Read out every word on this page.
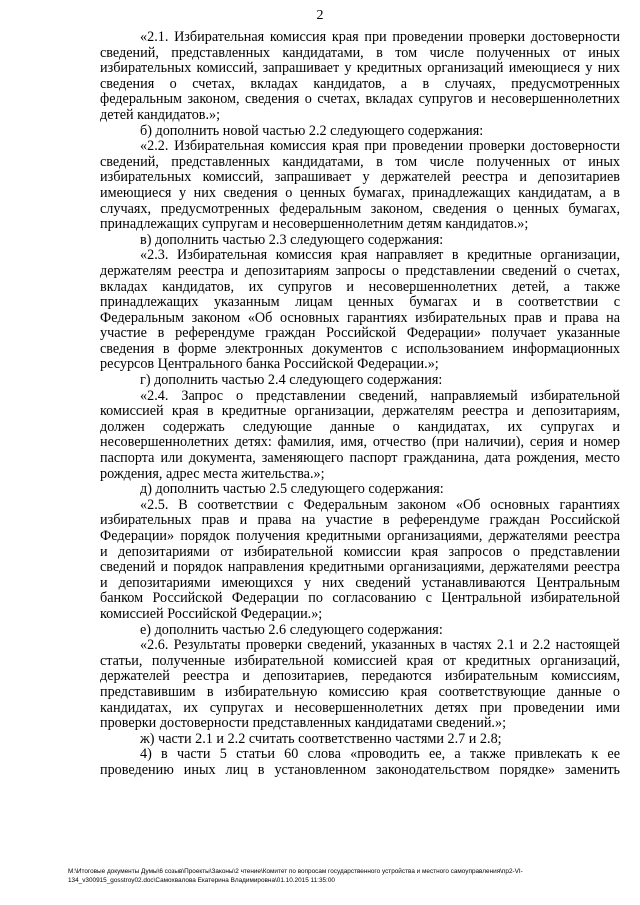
2
«2.1. Избирательная комиссия края при проведении проверки достоверности
сведений, представленных кандидатами, в том числе полученных от иных
избирательных комиссий, запрашивает у кредитных организаций имеющиеся у них
сведения о счетах, вкладах кандидатов, а в случаях, предусмотренных
федеральным законом, сведения о счетах, вкладах супругов и несовершеннолетних
детей кандидатов.»;
б) дополнить новой частью 2.2 следующего содержания:
«2.2. Избирательная комиссия края при проведении проверки достоверности
сведений, представленных кандидатами, в том числе полученных от иных
избирательных комиссий, запрашивает у держателей реестра и депозитариев
имеющиеся у них сведения о ценных бумагах, принадлежащих кандидатам, а в
случаях, предусмотренных федеральным законом, сведения о ценных бумагах,
принадлежащих супругам и несовершеннолетним детям кандидатов.»;
в) дополнить частью 2.3 следующего содержания:
«2.3. Избирательная комиссия края направляет в кредитные организации,
держателям реестра и депозитариям запросы о представлении сведений о счетах,
вкладах кандидатов, их супругов и несовершеннолетних детей, а также
принадлежащих указанным лицам ценных бумагах и в соответствии с
Федеральным законом «Об основных гарантиях избирательных прав и права на
участие в референдуме граждан Российской Федерации» получает указанные
сведения в форме электронных документов с использованием информационных
ресурсов Центрального банка Российской Федерации.»;
г) дополнить частью 2.4 следующего содержания:
«2.4. Запрос о представлении сведений, направляемый избирательной
комиссией края в кредитные организации, держателям реестра и депозитариям,
должен содержать следующие данные о кандидатах, их супругах и
несовершеннолетних детях: фамилия, имя, отчество (при наличии), серия и номер
паспорта или документа, заменяющего паспорт гражданина, дата рождения, место
рождения, адрес места жительства.»;
д) дополнить частью 2.5 следующего содержания:
«2.5. В соответствии с Федеральным законом «Об основных гарантиях
избирательных прав и права на участие в референдуме граждан Российской
Федерации» порядок получения кредитными организациями, держателями реестра
и депозитариями от избирательной комиссии края запросов о представлении
сведений и порядок направления кредитными организациями, держателями реестра
и депозитариями имеющихся у них сведений устанавливаются Центральным
банком Российской Федерации по согласованию с Центральной избирательной
комиссией Российской Федерации.»;
е) дополнить частью 2.6 следующего содержания:
«2.6. Результаты проверки сведений, указанных в частях 2.1 и 2.2 настоящей
статьи, полученные избирательной комиссией края от кредитных организаций,
держателей реестра и депозитариев, передаются избирательным комиссиям,
представившим в избирательную комиссию края соответствующие данные о
кандидатах, их супругах и несовершеннолетних детях при проведении ими
проверки достоверности представленных кандидатами сведений.»;
ж) части 2.1 и 2.2 считать соответственно частями 2.7 и 2.8;
4) в части 5 статьи 60 слова «проводить ее, а также привлекать к ее
проведению иных лиц в установленном законодательством порядке» заменить
M:\Итоговые документы Думы\6 созыв\Проекты\Законы\2 чтение\Комитет по вопросам государственного устройства и местного самоуправления\пр2-VI-
134_v300915_gosstroy02.doc\Самохвалова Екатерина Владимировна\01.10.2015 11:35:00
